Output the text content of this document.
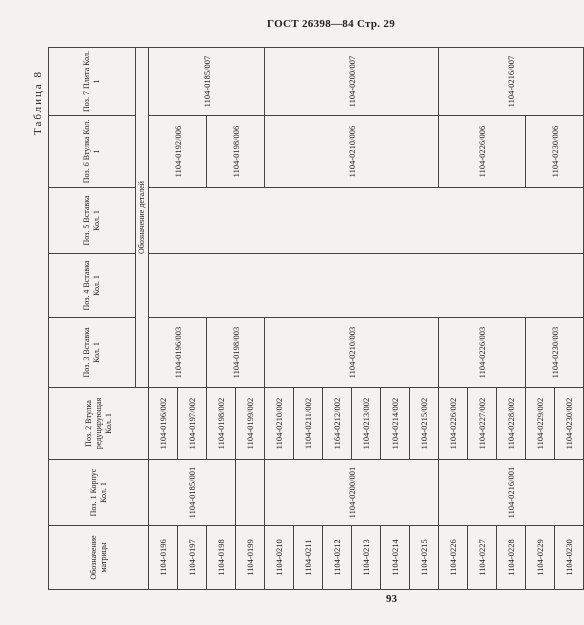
ГОСТ 26398—84 Стр. 29
Таблица 8
Обозначение матрицы	Поз. 1 Корпус Кол. 1	Поз. 2 Втулка редуцирующая Кол. 1	Поз. 3 Вставка Кол. 1	Поз. 4 Вставка Кол. 1	Поз. 5 Вставка Кол. 1	Поз. 6 Втулка Кол. 1	Поз. 7 Плита Кол. 1
			Обозначение деталей				
1104-0196	1104-0185/001	1104-0196/002	1104-0196/003			1104-0192/006	1104-0185/007
1104-0197		1104-0197/002					
1104-0198		1104-0198/002	1104-0198/003			1104-0198/006	
1104-0199		1104-0199/002					
1104-0210	1104-0200/001	1104-0210/002	1104-0210/003			1104-0210/006	1104-0200/007
1104-0211		1104-0211/002					
1104-0212		1164-0212/002					
1104-0213		1104-0213/002					
1104-0214		1104-0214/002					
1104-0215		1104-0215/002					
1104-0226	1104-0216/001	1104-0226/002	1104-0226/003			1104-0226/006	1104-0216/007
1104-0227		1104-0227/002					
1104-0228		1104-0228/002					
1104-0229		1104-0229/002	1104-0230/003			1104-0230/006	
1104-0230		1104-0230/002					
93
